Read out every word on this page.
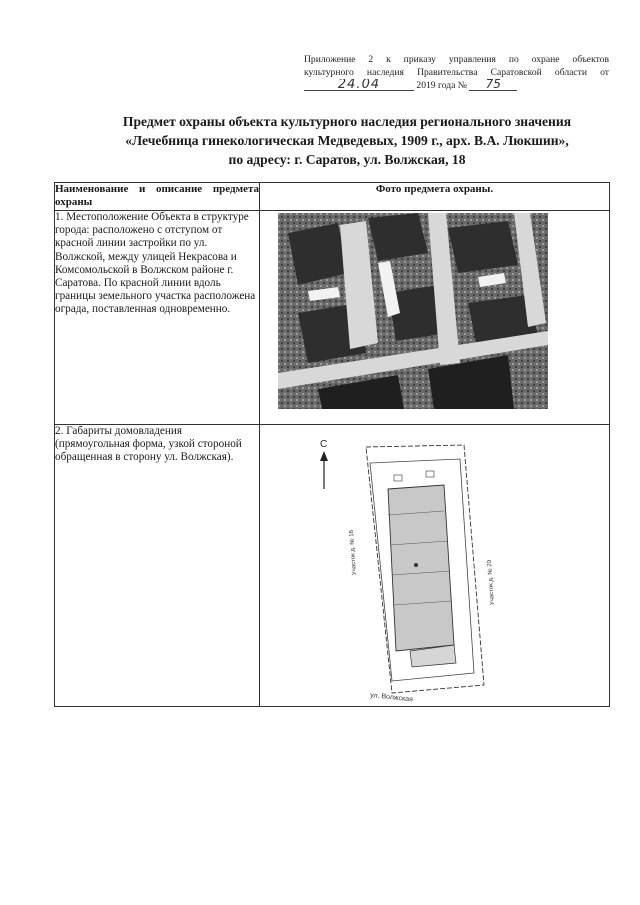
Приложение 2 к приказу управления по охране объектов
культурного наследия Правительства Саратовской области от
24.04	2019 года № 75
Предмет охраны объекта культурного наследия регионального значения
«Лечебница гинекологическая Медведевых, 1909 г., арх. В.А. Люкшин»,
по адресу: г. Саратов, ул. Волжская, 18
Наименование и описание предмета охраны	Фото предмета охраны.
1. Местоположение Объекта в структуре города: расположено с отступом от красной линии застройки по ул. Волжской, между улицей Некрасова и Комсомольской в Волжском районе г. Саратова. По красной линии вдоль границы земельного участка расположена ограда, поставленная одновременно.	

2. Габариты домовладения (прямоугольная форма, узкой стороной обращенная в сторону ул. Волжская).	С
Участок д. № 16
Участок д. № 20
ул. Волжская
